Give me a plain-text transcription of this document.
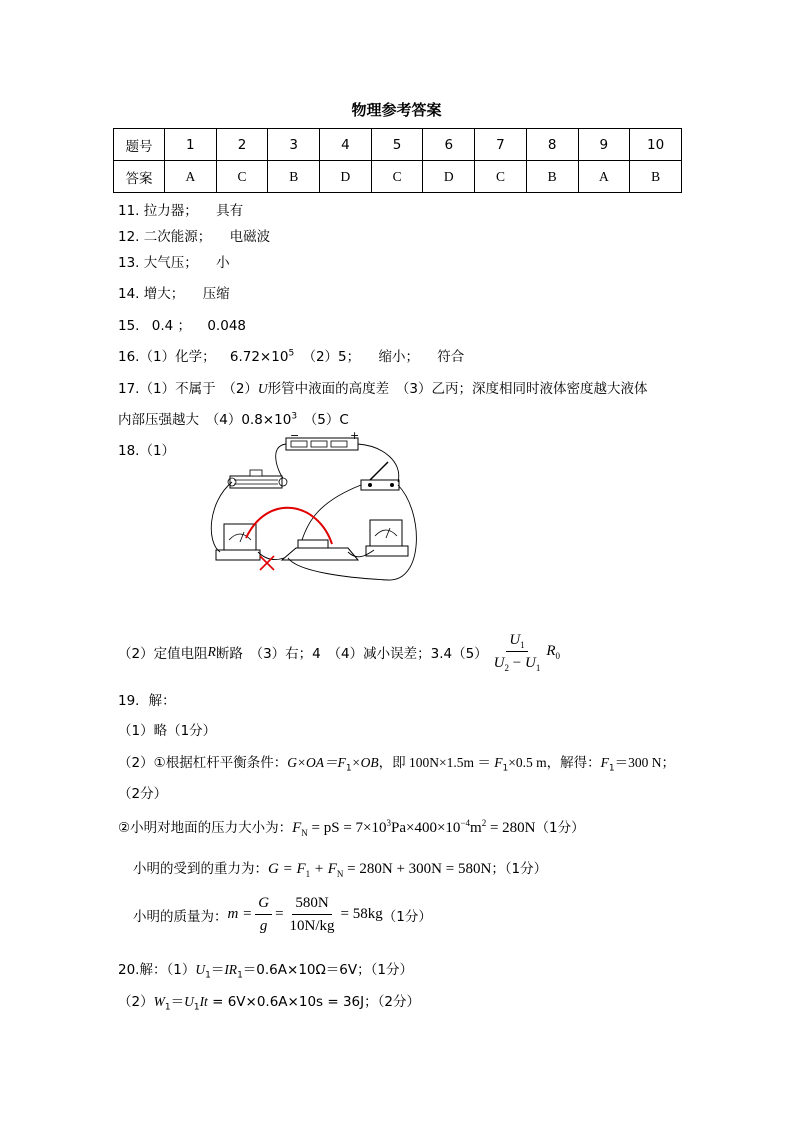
物理参考答案
题号	1	2	3	4	5	6	7	8	9	10
答案	A	C	B	D	C	D	C	B	A	B
11. 拉力器； 具有
12. 二次能源； 电磁波
13. 大气压； 小
14. 增大； 压缩
15. 0.4 ； 0.048
16.（1）化学； $6.72\times 10^5$ （2）5； 缩小； 符合
17.（1）不属于　（2）U形管中液面的高度差　（3）乙丙；深度相同时液体密度越大液体
内部压强越大　$(4)0.8\times 10^3$　（5）C
18.（1）
−	+
（2）定值电阻 R 断路　（3）右；4　（4）减小误差；$3.4(5) \frac{U_1}{U_2 - U_1} R_0$
19．解：
（1）略（1分）
（2）①根据杠杆平衡条件：$G\times OA=F_1\times OB$，即 $100N\times 1.5m = F_1\times 0.5$ m，解得：$F_1=300$ N；
（2分）
②小明对地面的压力大小为：$F_N$ = pS = $7\times 10^3Pa\times 400\times 10^{-4}m^2 = 280N(1$分）
小明的受到的重力为：$G = F_1 + F_N = 280N + 300N = 580N$；（1分）
小明的质量为： $m = \frac{G}{g} = \frac{580N}{10N/kg} = 58kg$ （1分）
20.解：$(1)U_1=IR_1=0.6A\times 10\Omega=6V$；（1分）
$(2)W_1=U_1It = 6V\times 0.6A\times 10s = 36J$；（2分）
